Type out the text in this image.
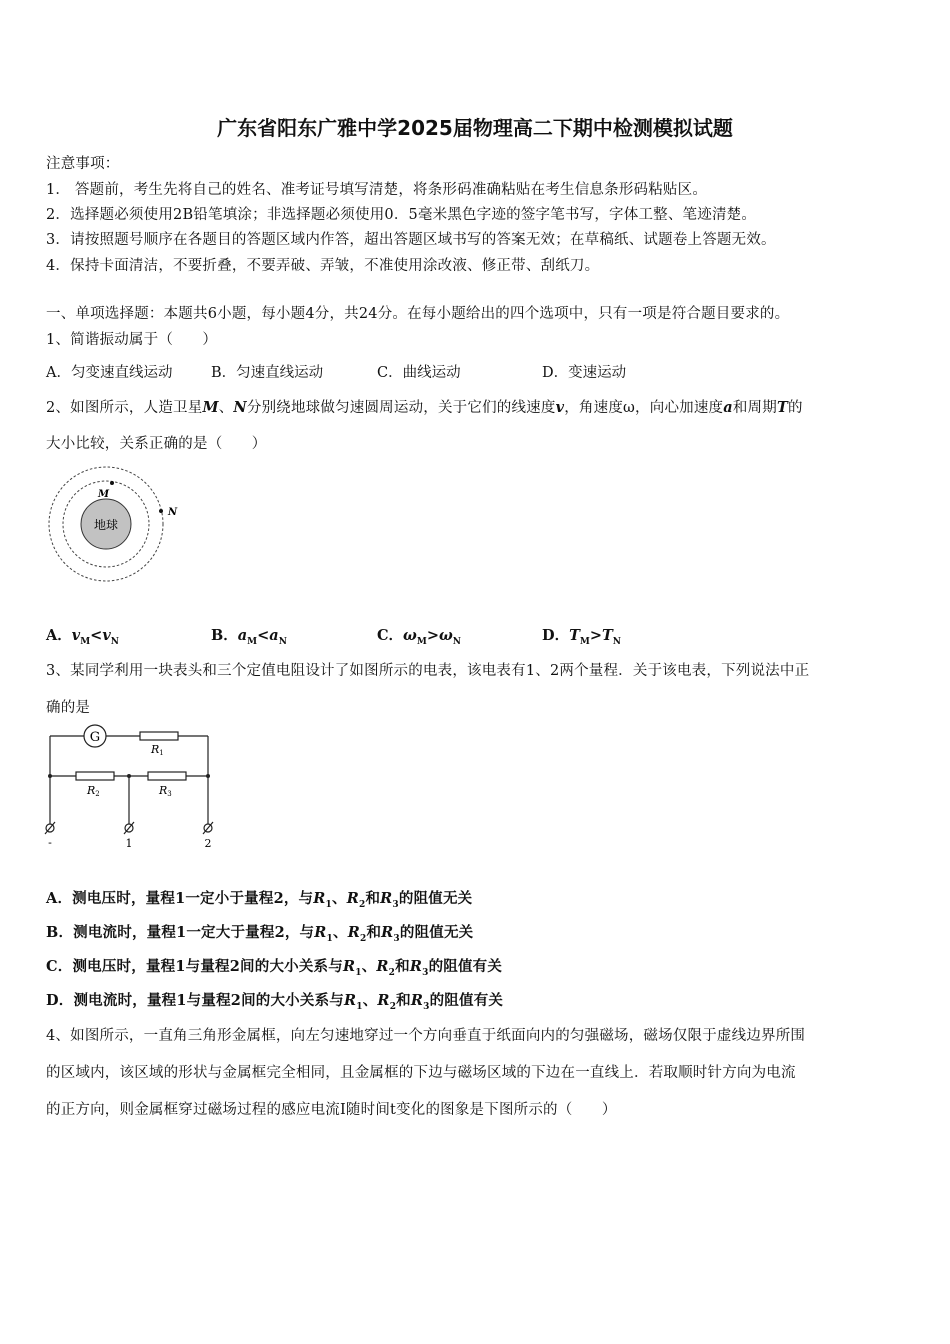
广东省阳东广雅中学2025届物理高二下期中检测模拟试题
注意事项：
1． 答题前，考生先将自己的姓名、准考证号填写清楚，将条形码准确粘贴在考生信息条形码粘贴区。
2．选择题必须使用2B铅笔填涂；非选择题必须使用0．5毫米黑色字迹的签字笔书写，字体工整、笔迹清楚。
3．请按照题号顺序在各题目的答题区域内作答，超出答题区域书写的答案无效；在草稿纸、试题卷上答题无效。
4．保持卡面清洁，不要折叠，不要弄破、弄皱，不准使用涂改液、修正带、刮纸刀。
一、单项选择题：本题共6小题，每小题4分，共24分。在每小题给出的四个选项中，只有一项是符合题目要求的。
1、简谐振动属于（　　）
A．匀变速直线运动	B．匀速直线运动	C．曲线运动	D．变速运动
2、如图所示，人造卫星M、N分别绕地球做匀速圆周运动，关于它们的线速度v，角速度ω，向心加速度a和周期T的
大小比较，关系正确的是（　　）
地球
M
N
A．$v_M<v_N$	B．$a_M<a_N$	C．$\omega_M>\omega_N$	D．$T_M>T_N$
3、某同学利用一块表头和三个定值电阻设计了如图所示的电表，该电表有1、2两个量程．关于该电表，下列说法中正
确的是
G
R1
R2	R3
-	1	2
A．测电压时，量程1一定小于量程2，与$R_1$、$R_2$和$R_3$的阻值无关
B．测电流时，量程1一定大于量程2，与$R_1$、$R_2$和$R_3$的阻值无关
C．测电压时，量程1与量程2间的大小关系与$R_1$、$R_2$和$R_3$的阻值有关
D．测电流时，量程1与量程2间的大小关系与$R_1$、$R_2$和$R_3$的阻值有关
4、如图所示，一直角三角形金属框，向左匀速地穿过一个方向垂直于纸面向内的匀强磁场，磁场仅限于虚线边界所围
的区域内，该区域的形状与金属框完全相同，且金属框的下边与磁场区域的下边在一直线上．若取顺时针方向为电流
的正方向，则金属框穿过磁场过程的感应电流I随时间t变化的图象是下图所示的（　　）
